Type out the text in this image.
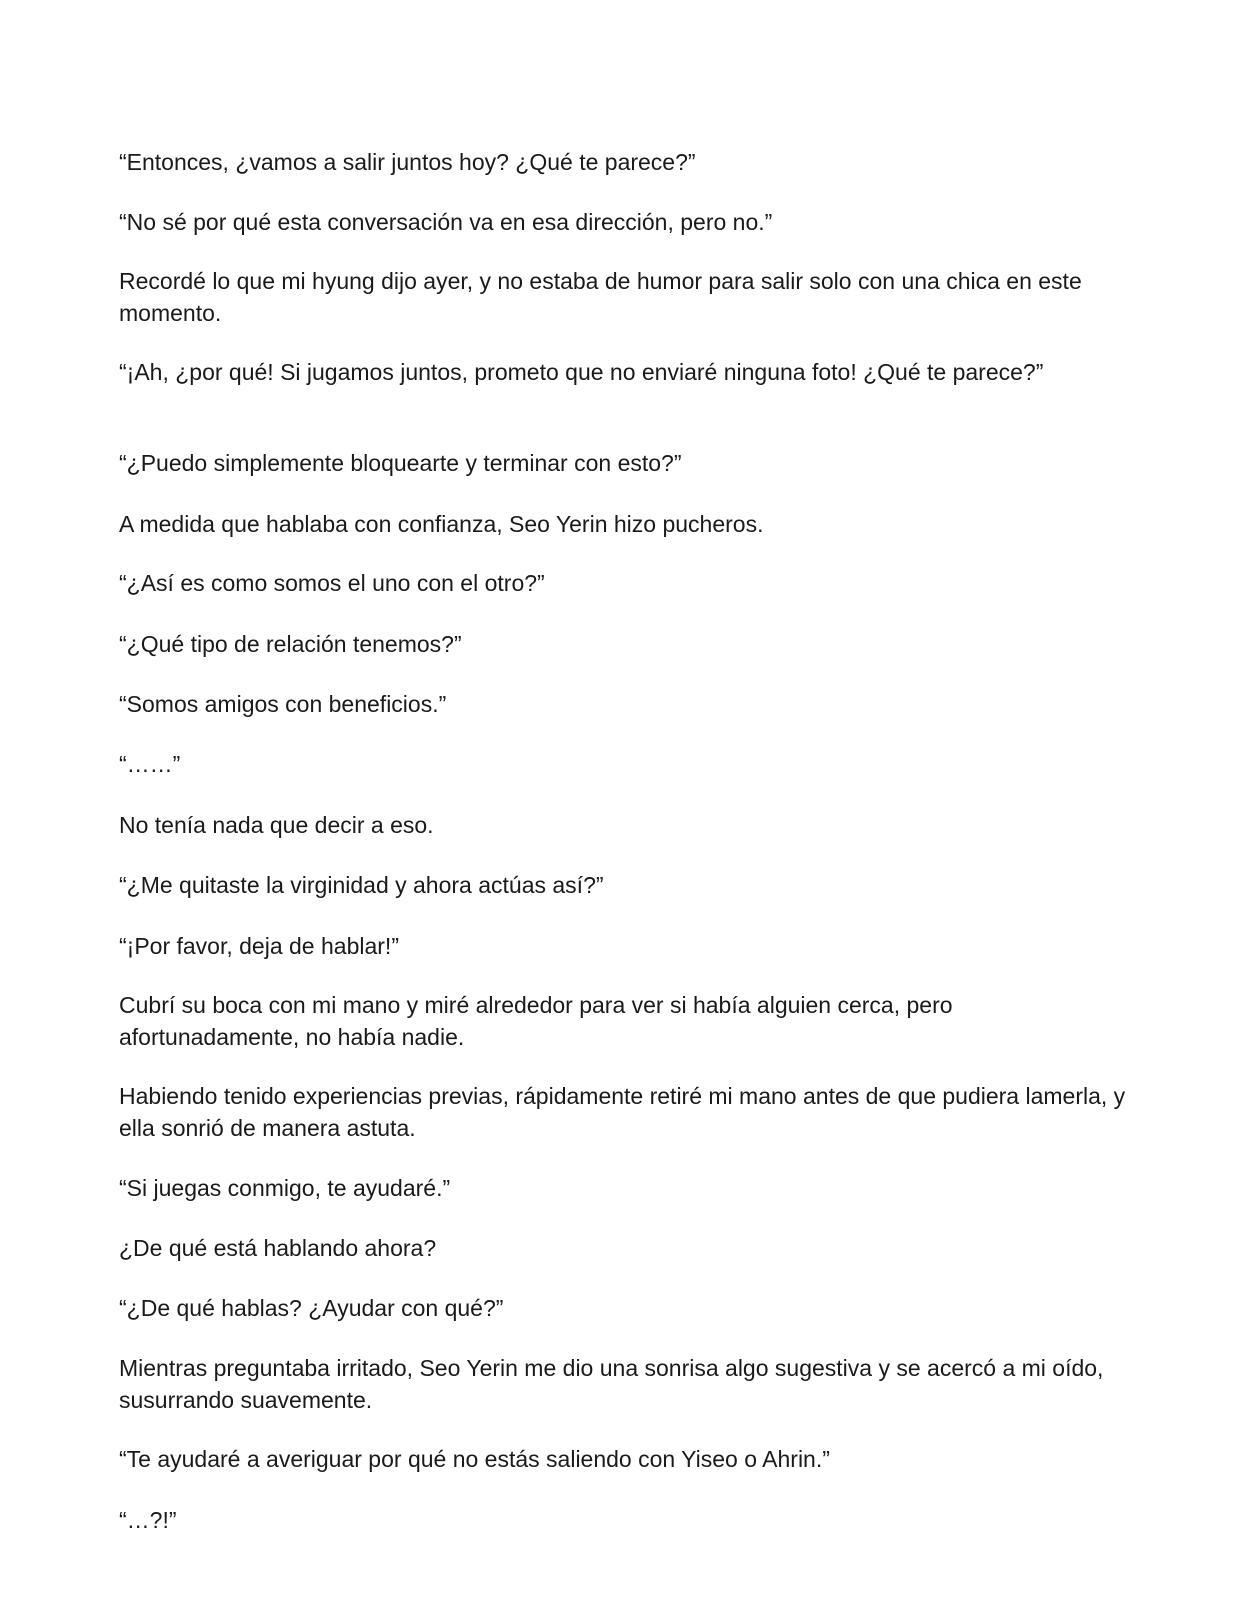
“Entonces, ¿vamos a salir juntos hoy? ¿Qué te parece?”

“No sé por qué esta conversación va en esa dirección, pero no.”

Recordé lo que mi hyung dijo ayer, y no estaba de humor para salir solo con una chica en este momento.

“¡Ah, ¿por qué! Si jugamos juntos, prometo que no enviaré ninguna foto! ¿Qué te parece?”

“¿Puedo simplemente bloquearte y terminar con esto?”

A medida que hablaba con confianza, Seo Yerin hizo pucheros.

“¿Así es como somos el uno con el otro?”

“¿Qué tipo de relación tenemos?”

“Somos amigos con beneficios.”

“……”

No tenía nada que decir a eso.

“¿Me quitaste la virginidad y ahora actúas así?”

“¡Por favor, deja de hablar!”

Cubrí su boca con mi mano y miré alrededor para ver si había alguien cerca, pero afortunadamente, no había nadie.

Habiendo tenido experiencias previas, rápidamente retiré mi mano antes de que pudiera lamerla, y ella sonrió de manera astuta.

“Si juegas conmigo, te ayudaré.”

¿De qué está hablando ahora?

“¿De qué hablas? ¿Ayudar con qué?”

Mientras preguntaba irritado, Seo Yerin me dio una sonrisa algo sugestiva y se acercó a mi oído, susurrando suavemente.

“Te ayudaré a averiguar por qué no estás saliendo con Yiseo o Ahrin.”

“…?!”
